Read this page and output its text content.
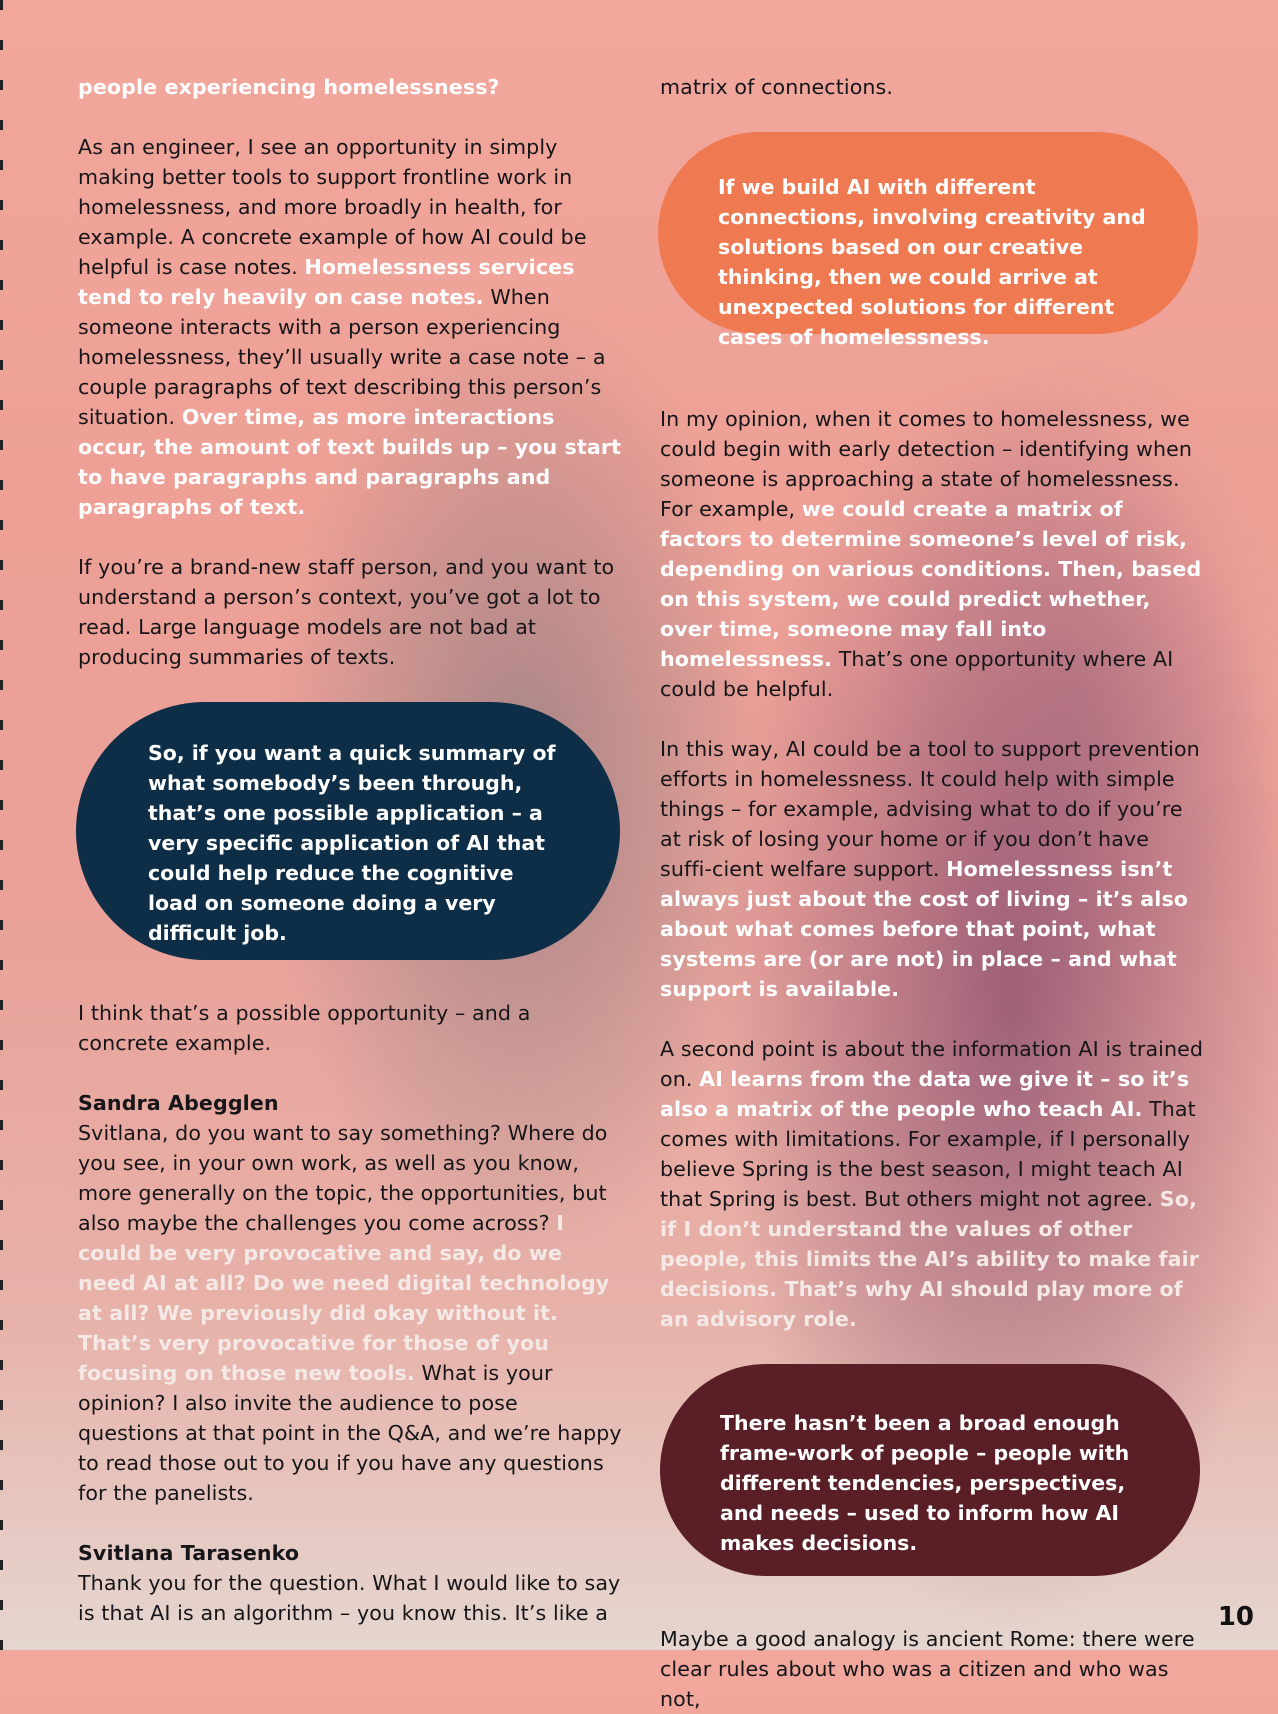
people experiencing homelessness?

As an engineer, I see an opportunity in simply making better tools to support frontline work in homelessness, and more broadly in health, for example. A concrete example of how AI could be helpful is case notes. Homelessness services tend to rely heavily on case notes. When someone interacts with a person experiencing homelessness, they’ll usually write a case note – a couple paragraphs of text describing this person’s situation. Over time, as more interactions occur, the amount of text builds up – you start to have paragraphs and paragraphs and paragraphs of text.

If you’re a brand-new staff person, and you want to understand a person’s context, you’ve got a lot to read. Large language models are not bad at producing summaries of texts.

So, if you want a quick summary of what somebody’s been through, that’s one possible application – a very specific application of AI that could help reduce the cognitive load on someone doing a very difficult job.

I think that’s a possible opportunity – and a concrete example.

Sandra Abegglen
Svitlana, do you want to say something? Where do you see, in your own work, as well as you know, more generally on the topic, the opportunities, but also maybe the challenges you come across? I could be very provocative and say, do we need AI at all? Do we need digital technology at all? We previously did okay without it. That’s very provocative for those of you focusing on those new tools. What is your opinion? I also invite the audience to pose questions at that point in the Q&A, and we’re happy to read those out to you if you have any questions for the panelists.

Svitlana Tarasenko
Thank you for the question. What I would like to say is that AI is an algorithm – you know this. It’s like a

matrix of connections.

If we build AI with different connections, involving creativity and solutions based on our creative thinking, then we could arrive at unexpected solutions for different cases of homelessness.

In my opinion, when it comes to homelessness, we could begin with early detection – identifying when someone is approaching a state of homelessness. For example, we could create a matrix of factors to determine someone’s level of risk, depending on various conditions. Then, based on this system, we could predict whether, over time, someone may fall into homelessness. That’s one opportunity where AI could be helpful.

In this way, AI could be a tool to support prevention efforts in homelessness. It could help with simple things – for example, advising what to do if you’re at risk of losing your home or if you don’t have suffi-cient welfare support. Homelessness isn’t always just about the cost of living – it’s also about what comes before that point, what systems are (or are not) in place – and what support is available.

A second point is about the information AI is trained on. AI learns from the data we give it – so it’s also a matrix of the people who teach AI. That comes with limitations. For example, if I personally believe Spring is the best season, I might teach AI that Spring is best. But others might not agree. So, if I don’t understand the values of other people, this limits the AI’s ability to make fair decisions. That’s why AI should play more of an advisory role.

There hasn’t been a broad enough frame-work of people – people with different tendencies, perspectives, and needs – used to inform how AI makes decisions.

Maybe a good analogy is ancient Rome: there were clear rules about who was a citizen and who was not,

10
